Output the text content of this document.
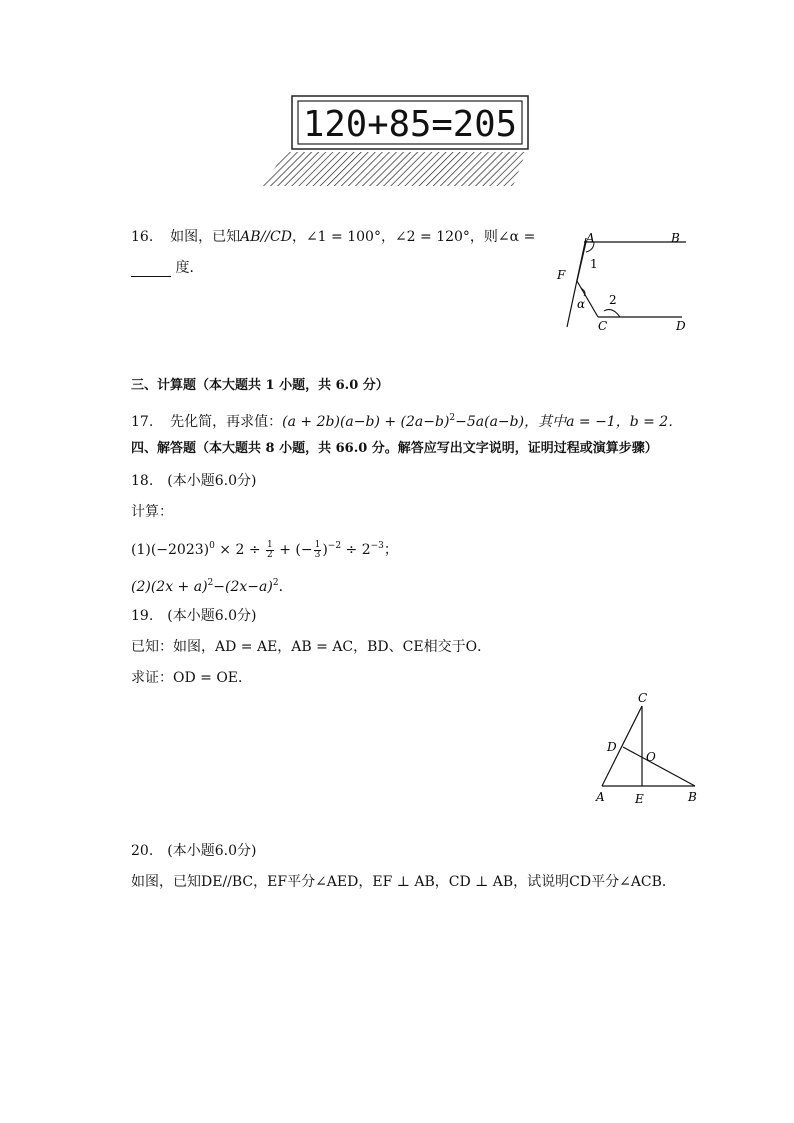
120+85=205
16. 如图，已知AB//CD，∠1 = 100°，∠2 = 120°，则∠α =
度．
A	B
F
1
α 2
C	D
三、计算题（本大题共 1 小题，共 6.0 分）
17. 先化简，再求值：$(a + 2b)(a-b) + (2a-b)^2-5a(a-b)$，其中a = −1，b = 2．
四、解答题（本大题共 8 小题，共 66.0 分。解答应写出文字说明，证明过程或演算步骤）
18.　(本小题6.0分)
计算：
$(1)(-2023)^0 \times 2 \div \frac{1}{2}$ + (− $\frac{1}{3} )^{-2} \div 2^{-3}$；
$(2)(2x + a)^2-(2x-a)^2$．
19.　(本小题6.0分)
已知：如图，AD = AE，AB = AC，BD、CE相交于O．
求证：OD = OE．
C
D
O
A	E	B
20.　(本小题6.0分)
如图，已知DE//BC，EF平分∠AED，EF ⊥ AB，CD ⊥ AB，试说明CD平分∠ACB．
